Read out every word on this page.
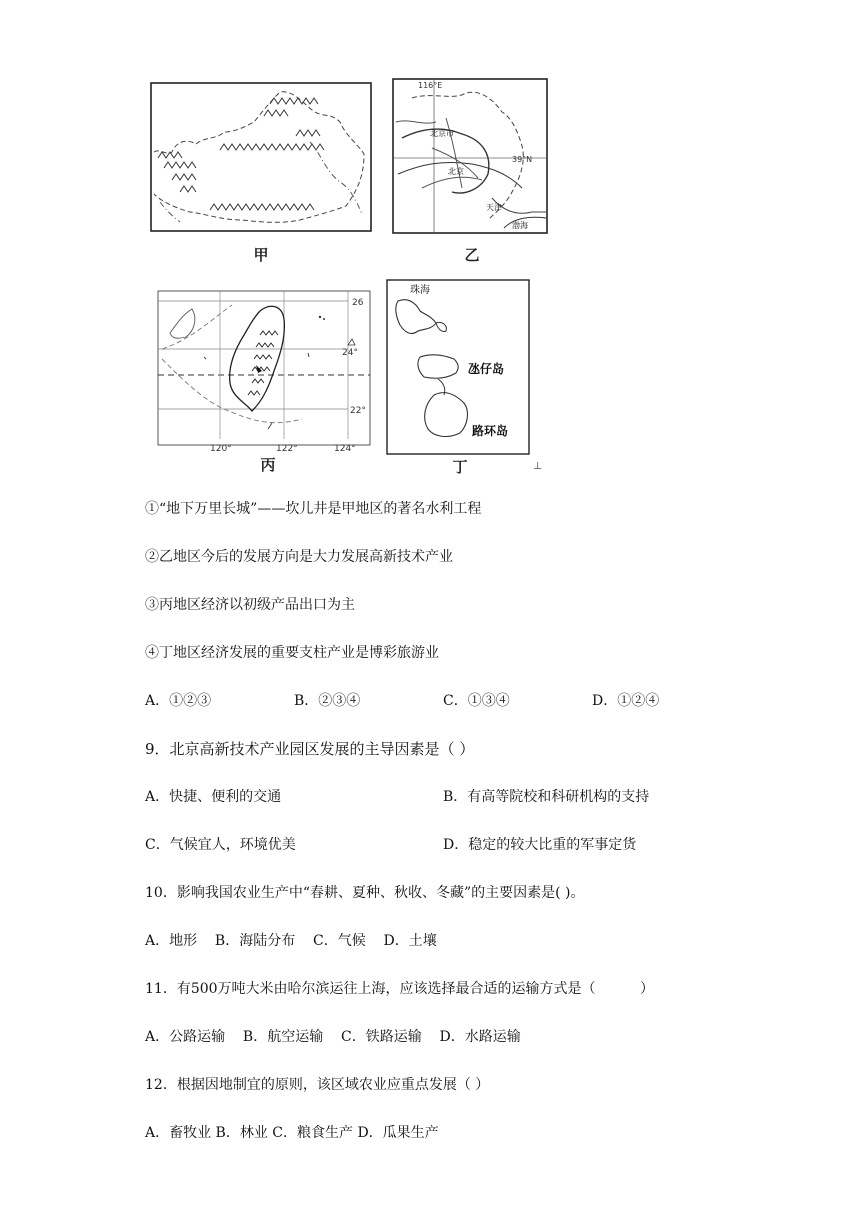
甲
116°E
39°N
北京市
北京
天津
渤海
乙
26
24°
22°
120°	122°	124°
丙
珠海
氹仔岛
路环岛
丁	⊥
①“地下万里长城”——坎儿井是甲地区的著名水利工程
②乙地区今后的发展方向是大力发展高新技术产业
③丙地区经济以初级产品出口为主
④丁地区经济发展的重要支柱产业是博彩旅游业
A．①②③	B．②③④	C．①③④	D．①②④
9．北京高新技术产业园区发展的主导因素是（ ）
A．快捷、便利的交通	B．有高等院校和科研机构的支持
C．气候宜人，环境优美	D．稳定的较大比重的军事定货
10．影响我国农业生产中“春耕、夏种、秋收、冬藏”的主要因素是( )。
A．地形    B．海陆分布    C．气候    D．土壤
11．有500万吨大米由哈尔滨运往上海，应该选择最合适的运输方式是（          ）
A．公路运输    B．航空运输    C．铁路运输    D．水路运输
12．根据因地制宜的原则，该区域农业应重点发展（ ）
A．畜牧业 B．林业 C．粮食生产 D．瓜果生产
